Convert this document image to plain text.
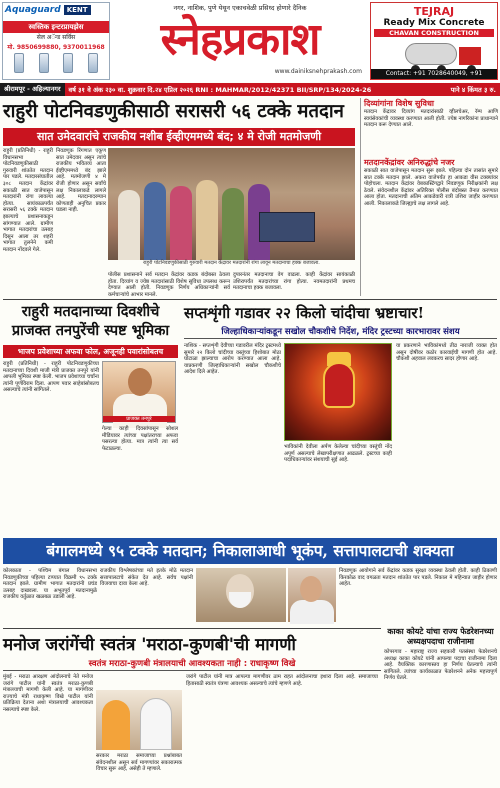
Aquaguard KENT
स्वस्तिक इन्टरप्रायझेस
सेल अॅन्ड सर्विस
मो. 9850699880, 9370011968
नगर, नाशिक, पुणे येथून एकाचवेळी प्रसिध्द होणारे दैनिक
स्नेहप्रकाश
www.dainiksnehprakash.com
TEJRAJ
Ready Mix Concrete
CHAVAN CONSTRUCTION
Contact: +91 7028640049, +91
श्रीरामपूर - अहिल्यानगर	वर्ष ३१ वे अंक २३० वा. शुक्रवार दि.२४ एप्रिल २०२६ RNI : MAHMAR/2012/42371 BII/SRP/134/2024-26	पाने ४ किंमत ३ रु.
राहुरी पोटनिवडणुकीसाठी सरासरी ५६ टक्के मतदान
सात उमेदवारांचे राजकीय नशीब ईव्हीएममध्ये बंद; ४ मे रोजी मतमोजणी
राहुरी (प्रतिनिधी) - राहुरी विधानसभा पोटनिवडणुकीसाठी गुरुवारी शांततेत मतदान पार पडले. मतदारसंघातील ३०८ मतदान केंद्रांवर सकाळी सात वाजेपासून मतदारांनी रांगा लावल्या होत्या. सायंकाळपर्यंत सरासरी ५६ टक्के मतदान झाल्याचे प्रशासनाकडून सांगण्यात आले. ग्रामीण भागात मतदारांचा उत्साह दिसून आला तर शहरी भागात तुलनेने कमी मतदान नोंदवले गेले.
निवडणूक रिंगणात एकूण सात उमेदवार असून त्यांचे राजकीय भवितव्य आता ईव्हीएममध्ये बंद झाले आहे. मतमोजणी ४ मे रोजी होणार असून सर्वांचे लक्ष निकालाकडे लागले आहे. मतदानादरम्यान कोणताही अनुचित प्रकार घडला नाही.
राहुरी पोटनिवडणुकीसाठी गुरुवारी मतदान केंद्रावर मतदारांनी रांगा लावून मतदानाचा हक्क बजावला.
पोलीस प्रशासनाने सर्व मतदान केंद्रांवर कडक बंदोबस्त ठेवला होता. दिव्यांग व ज्येष्ठ मतदारांसाठी विशेष सुविधा उपलब्ध करून देण्यात आली होती. निवडणूक निर्णय अधिकाऱ्यांनी सर्व कर्मचाऱ्यांचे आभार मानले.
दुपारनंतर मतदानाचा वेग वाढला. काही केंद्रांवर सायंकाळी उशिरापर्यंत मतदारांच्या रांगा होत्या. नवमतदारांनी प्रथमच मतदानाचा हक्क बजावला.
दिव्यांगांना विशेष सुविधा
मतदान केंद्रावर दिव्यांग मतदारांसाठी व्हीलचेअर, रॅम्प आणि स्वयंसेवकांची व्यवस्था करण्यात आली होती. ज्येष्ठ नागरिकांना प्राधान्याने मतदान करू देण्यात आले.
मतदानकेंद्रांवर अनिरुद्धांचे नजर
सकाळी सात वाजेपासून मतदान सुरू झाले. पहिल्या दोन तासांत सुमारे सात टक्के मतदान झाले. अकरा वाजेपर्यंत हा आकडा वीस टक्क्यांवर पोहोचला. मतदान केंद्रांवर वेबकास्टिंगद्वारे निवडणूक निरीक्षकांनी लक्ष ठेवले. संवेदनशील केंद्रांवर अतिरिक्त पोलीस बंदोबस्त तैनात करण्यात आला होता. मतदानाची अंतिम आकडेवारी रात्री उशिरा जाहीर करण्यात आली. निकालाकडे जिल्ह्याचे लक्ष लागले आहे.
राहुरी मतदानाच्या दिवशीचे प्राजक्त तनपुरेंची स्पष्ट भूमिका
भाजप प्रवेशाच्या अफवा फोल, अजूनही पवारांसोबतच
राहुरी (प्रतिनिधी) - राहुरी पोटनिवडणुकीच्या मतदानाच्या दिवशी माजी मंत्री प्राजक्त तनपुरे यांनी आपली भूमिका स्पष्ट केली. भाजप प्रवेशाच्या चर्चांना त्यांनी पूर्णविराम दिला. आपण पवार साहेबांसोबतच असल्याचे त्यांनी सांगितले.
प्राजक्त तनपुरे
गेल्या काही दिवसांपासून सोशल मीडियावर त्यांच्या पक्षांतराच्या अफवा पसरल्या होत्या. मात्र त्यांनी त्या सर्व फेटाळल्या.
सप्तशृंगी गडावर २२ किलो चांदीचा भ्रष्टाचार!
जिल्हाधिकाऱ्यांकडून सखोल चौकशीचे निर्देश, मंदिर ट्रस्टच्या कारभारावर संशय
नाशिक - सप्तशृंगी देवीच्या गडावरील मंदिर ट्रस्टमध्ये सुमारे २२ किलो चांदीच्या वस्तूंच्या हिशोबात मोठा घोटाळा झाल्याचा आरोप करण्यात आला आहे. याप्रकरणी जिल्हाधिकाऱ्यांनी सखोल चौकशीचे आदेश दिले आहेत.
भाविकांनी देवीला अर्पण केलेल्या चांदीच्या वस्तूंची नोंद अपूर्ण असल्याचे लेखापरीक्षणात आढळले. ट्रस्टच्या काही पदाधिकाऱ्यांवर संशयाची सुई आहे.
या प्रकरणाने भाविकांमध्ये तीव्र नाराजी व्यक्त होत असून दोषींवर कठोर कारवाईची मागणी होत आहे. चौकशी अहवाल लवकरच सादर होणार आहे.
बंगालमध्ये ९५ टक्के मतदान; निकालाआधी भूकंप, सत्तापालटाची शक्यता
कोलकाता - पश्चिम बंगाल विधानसभा निवडणुकीच्या पहिल्या टप्प्यात विक्रमी ९५ टक्के मतदान झाले. ग्रामीण भागात मतदारांनी प्रचंड उत्साह दाखवला. या अभूतपूर्व मतदानामुळे राजकीय वर्तुळात खळबळ उडाली आहे.
राजकीय विश्लेषकांच्या मते इतके मोठे मतदान सत्तापालटाचे संकेत देत आहे. सर्वच पक्षांनी विजयाचा दावा केला आहे.
निवडणूक आयोगाने सर्व केंद्रांवर कडक सुरक्षा व्यवस्था ठेवली होती. काही ठिकाणी किरकोळ वाद वगळता मतदान शांततेत पार पडले. निकाल मे महिन्यात जाहीर होणार आहेत.
काका कोयटे यांचा राज्य फेडरेशनच्या अध्यक्षपदाचा राजीनामा
कोपरगाव - महाराष्ट्र राज्य सहकारी पतसंस्था फेडरेशनचे अध्यक्ष काका कोयटे यांनी आपल्या पदाचा राजीनामा दिला आहे. वैयक्तिक कारणास्तव हा निर्णय घेतल्याचे त्यांनी सांगितले. त्यांच्या कार्यकाळात फेडरेशनने अनेक महत्त्वपूर्ण निर्णय घेतले.
मनोज जरांगेंची स्वतंत्र 'मराठा-कुणबी'ची मागणी
स्वतंत्र मराठा-कुणबी मंत्रालयाची आवश्यकता नाही : राधाकृष्ण विखे
मुंबई - मराठा आरक्षण आंदोलनाचे नेते मनोज जरांगे पाटील यांनी स्वतंत्र मराठा-कुणबी मंत्रालयाची मागणी केली आहे. या मागणीवर राज्याचे मंत्री राधाकृष्ण विखे पाटील यांनी प्रतिक्रिया देताना अशा मंत्रालयाची आवश्यकता नसल्याचे स्पष्ट केले.
सरकार मराठा समाजाच्या प्रश्नांबाबत संवेदनशील असून सर्व मागण्यांवर सकारात्मक विचार सुरू आहे, असेही ते म्हणाले.
जरांगे पाटील यांनी मात्र आपल्या मागणीवर ठाम राहत आंदोलनाचा इशारा दिला आहे. समाजाच्या हितासाठी स्वतंत्र यंत्रणा आवश्यक असल्याचे त्यांचे म्हणणे आहे.
